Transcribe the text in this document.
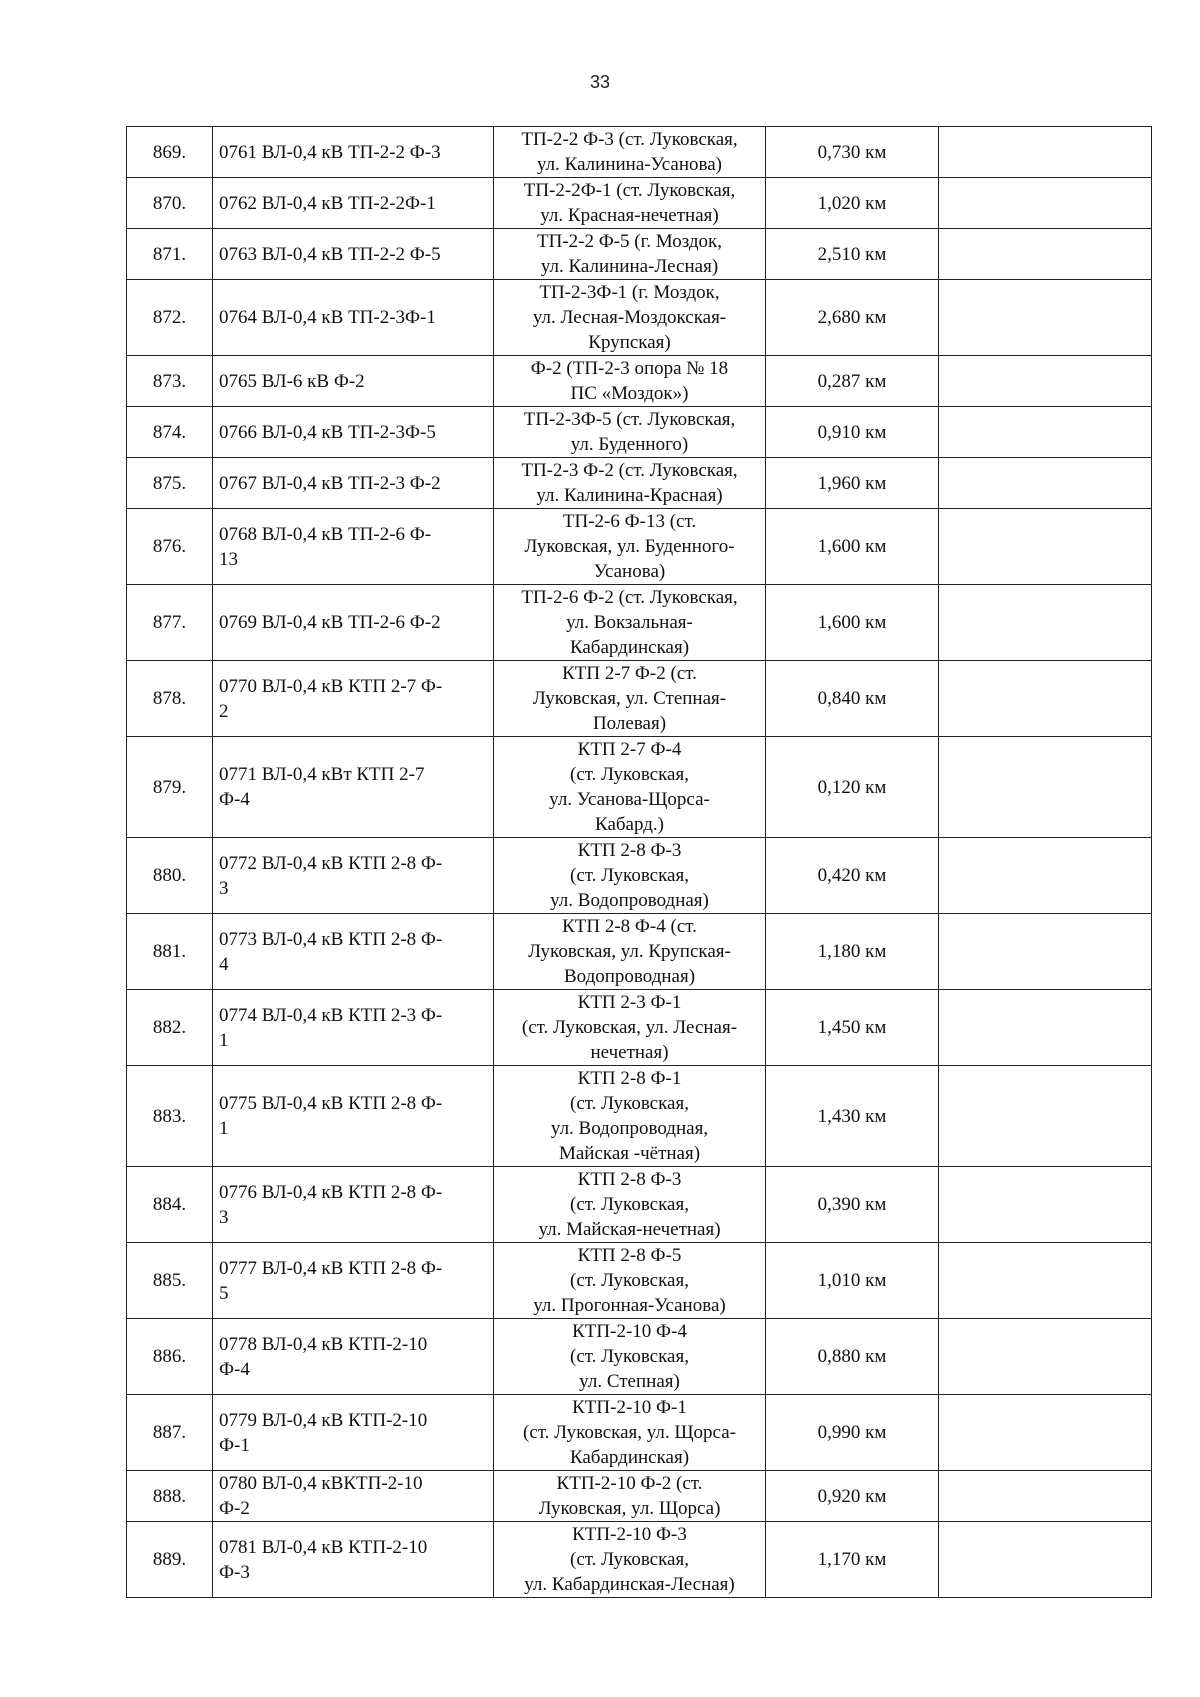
33
869.	0761 ВЛ-0,4 кВ ТП-2-2 Ф-3	ТП-2-2 Ф-3 (ст. Луковская,
ул. Калинина-Усанова)	0,730 км	
870.	0762 ВЛ-0,4 кВ ТП-2-2Ф-1	ТП-2-2Ф-1 (ст. Луковская,
ул. Красная-нечетная)	1,020 км	
871.	0763 ВЛ-0,4 кВ ТП-2-2 Ф-5	ТП-2-2 Ф-5 (г. Моздок,
ул. Калинина-Лесная)	2,510 км	
872.	0764 ВЛ-0,4 кВ ТП-2-3Ф-1	ТП-2-3Ф-1 (г. Моздок,
ул. Лесная-Моздокская-
Крупская)	2,680 км	
873.	0765 ВЛ-6 кВ Ф-2	Ф-2 (ТП-2-3 опора № 18
ПС «Моздок»)	0,287 км	
874.	0766 ВЛ-0,4 кВ ТП-2-3Ф-5	ТП-2-3Ф-5 (ст. Луковская,
ул. Буденного)	0,910 км	
875.	0767 ВЛ-0,4 кВ ТП-2-3 Ф-2	ТП-2-3 Ф-2 (ст. Луковская,
ул. Калинина-Красная)	1,960 км	
876.	0768 ВЛ-0,4 кВ ТП-2-6 Ф-
13	ТП-2-6 Ф-13 (ст.
Луковская, ул. Буденного-
Усанова)	1,600 км	
877.	0769 ВЛ-0,4 кВ ТП-2-6 Ф-2	ТП-2-6 Ф-2 (ст. Луковская,
ул. Вокзальная-
Кабардинская)	1,600 км	
878.	0770 ВЛ-0,4 кВ КТП 2-7 Ф-
2	КТП 2-7 Ф-2 (ст.
Луковская, ул. Степная-
Полевая)	0,840 км	
879.	0771 ВЛ-0,4 кВт КТП 2-7
Ф-4	КТП 2-7 Ф-4
(ст. Луковская,
ул. Усанова-Щорса-
Кабард.)	0,120 км	
880.	0772 ВЛ-0,4 кВ КТП 2-8 Ф-
3	КТП 2-8 Ф-3
(ст. Луковская,
ул. Водопроводная)	0,420 км	
881.	0773 ВЛ-0,4 кВ КТП 2-8 Ф-
4	КТП 2-8 Ф-4 (ст.
Луковская, ул. Крупская-
Водопроводная)	1,180 км	
882.	0774 ВЛ-0,4 кВ КТП 2-3 Ф-
1	КТП 2-3 Ф-1
(ст. Луковская, ул. Лесная-
нечетная)	1,450 км	
883.	0775 ВЛ-0,4 кВ КТП 2-8 Ф-
1	КТП 2-8 Ф-1
(ст. Луковская,
ул. Водопроводная,
Майская -чётная)	1,430 км	
884.	0776 ВЛ-0,4 кВ КТП 2-8 Ф-
3	КТП 2-8 Ф-3
(ст. Луковская,
ул. Майская-нечетная)	0,390 км	
885.	0777 ВЛ-0,4 кВ КТП 2-8 Ф-
5	КТП 2-8 Ф-5
(ст. Луковская,
ул. Прогонная-Усанова)	1,010 км	
886.	0778 ВЛ-0,4 кВ КТП-2-10
Ф-4	КТП-2-10 Ф-4
(ст. Луковская,
ул. Степная)	0,880 км	
887.	0779 ВЛ-0,4 кВ КТП-2-10
Ф-1	КТП-2-10 Ф-1
(ст. Луковская, ул. Щорса-
Кабардинская)	0,990 км	
888.	0780 ВЛ-0,4 кВКТП-2-10
Ф-2	КТП-2-10 Ф-2 (ст.
Луковская, ул. Щорса)	0,920 км	
889.	0781 ВЛ-0,4 кВ КТП-2-10
Ф-3	КТП-2-10 Ф-3
(ст. Луковская,
ул. Кабардинская-Лесная)	1,170 км	
